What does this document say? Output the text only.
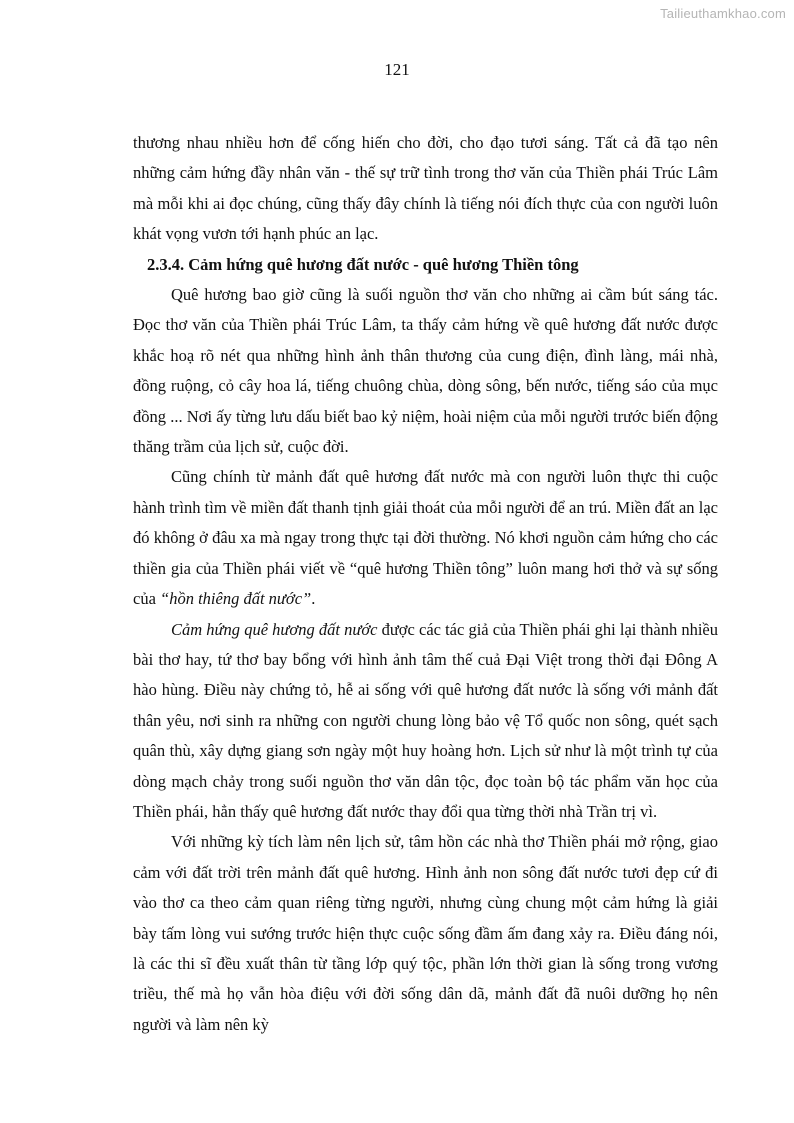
Tailieuthamkhao.com
121

thương nhau nhiều hơn để cống hiến cho đời, cho đạo tươi sáng. Tất cả đã tạo nên những cảm hứng đầy nhân văn - thế sự trữ tình trong thơ văn của Thiền phái Trúc Lâm mà mỗi khi ai đọc chúng, cũng thấy đây chính là tiếng nói đích thực của con người luôn khát vọng vươn tới hạnh phúc an lạc.

2.3.4. Cảm hứng quê hương đất nước - quê hương Thiền tông

Quê hương bao giờ cũng là suối nguồn thơ văn cho những ai cầm bút sáng tác. Đọc thơ văn của Thiền phái Trúc Lâm, ta thấy cảm hứng về quê hương đất nước được khắc hoạ rõ nét qua những hình ảnh thân thương của cung điện, đình làng, mái nhà, đồng ruộng, cỏ cây hoa lá, tiếng chuông chùa, dòng sông, bến nước, tiếng sáo của mục đồng ... Nơi ấy từng lưu dấu biết bao kỷ niệm, hoài niệm của mỗi người trước biến động thăng trầm của lịch sử, cuộc đời.

Cũng chính từ mảnh đất quê hương đất nước mà con người luôn thực thi cuộc hành trình tìm về miền đất thanh tịnh giải thoát của mỗi người để an trú. Miền đất an lạc đó không ở đâu xa mà ngay trong thực tại đời thường. Nó khơi nguồn cảm hứng cho các thiền gia của Thiền phái viết về “quê hương Thiền tông” luôn mang hơi thở và sự sống của “hồn thiêng đất nước”.

Cảm hứng quê hương đất nước được các tác giả của Thiền phái ghi lại thành nhiều bài thơ hay, tứ thơ bay bổng với hình ảnh tâm thế cuả Đại Việt trong thời đại Đông A hào hùng. Điều này chứng tỏ, hễ ai sống với quê hương đất nước là sống với mảnh đất thân yêu, nơi sinh ra những con người chung lòng bảo vệ Tổ quốc non sông, quét sạch quân thù, xây dựng giang sơn ngày một huy hoàng hơn. Lịch sử như là một trình tự của dòng mạch chảy trong suối nguồn thơ văn dân tộc, đọc toàn bộ tác phẩm văn học của Thiền phái, hẳn thấy quê hương đất nước thay đổi qua từng thời nhà Trần trị vì.

Với những kỳ tích làm nên lịch sử, tâm hồn các nhà thơ Thiền phái mở rộng, giao cảm với đất trời trên mảnh đất quê hương. Hình ảnh non sông đất nước tươi đẹp cứ đi vào thơ ca theo cảm quan riêng từng người, nhưng cùng chung một cảm hứng là giải bày tấm lòng vui sướng trước hiện thực cuộc sống đầm ấm đang xảy ra. Điều đáng nói, là các thi sĩ đều xuất thân từ tầng lớp quý tộc, phần lớn thời gian là sống trong vương triều, thế mà họ vẫn hòa điệu với đời sống dân dã, mảnh đất đã nuôi dưỡng họ nên người và làm nên kỳ
